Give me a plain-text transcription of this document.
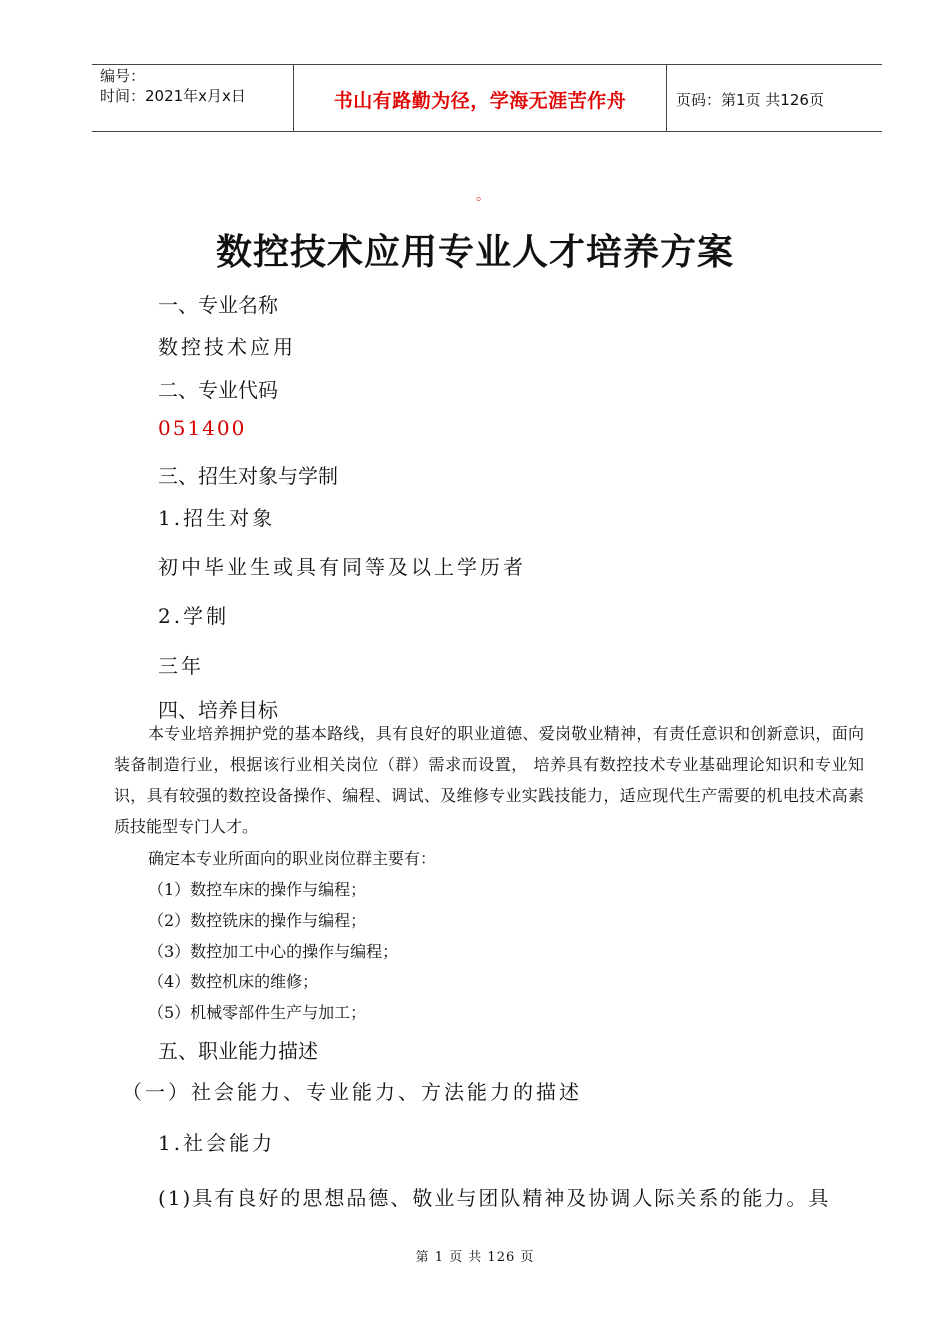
编号：
时间：2021年x月x日	书山有路勤为径，学海无涯苦作舟	页码：第1页 共126页
。
数控技术应用专业人才培养方案
一、专业名称
数控技术应用
二、专业代码
051400
三、招生对象与学制
1.招生对象
初中毕业生或具有同等及以上学历者
2.学制
三年
四、培养目标
本专业培养拥护党的基本路线，具有良好的职业道德、爱岗敬业精神，有责任意识和创新意识，面向装备制造行业，根据该行业相关岗位（群）需求而设置， 培养具有数控技术专业基础理论知识和专业知识，具有较强的数控设备操作、编程、调试、及维修专业实践技能力，适应现代生产需要的机电技术高素质技能型专门人才。
确定本专业所面向的职业岗位群主要有：
（1）数控车床的操作与编程；
（2）数控铣床的操作与编程；
（3）数控加工中心的操作与编程；
（4）数控机床的维修；
（5）机械零部件生产与加工；
五、职业能力描述
（一）社会能力、专业能力、方法能力的描述
1.社会能力
(1)具有良好的思想品德、敬业与团队精神及协调人际关系的能力。具
第 1 页 共 126 页
